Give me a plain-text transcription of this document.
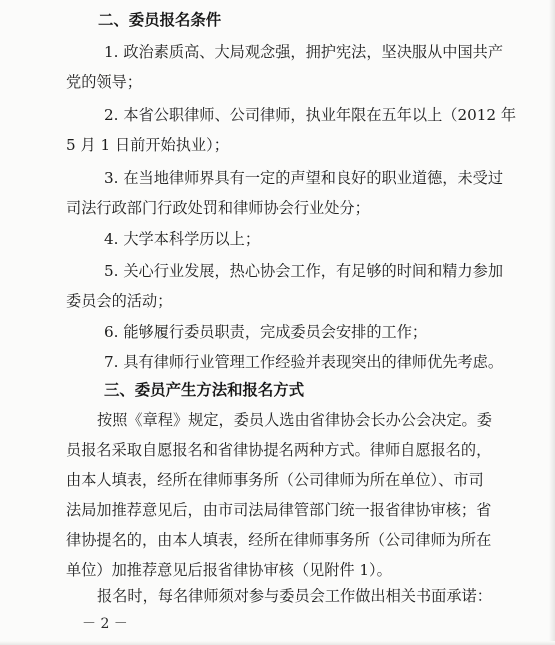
二、委员报名条件
1. 政治素质高、大局观念强，拥护宪法，坚决服从中国共产
党的领导；
2. 本省公职律师、公司律师，执业年限在五年以上（2012 年
5 月 1 日前开始执业）；
3. 在当地律师界具有一定的声望和良好的职业道德，未受过
司法行政部门行政处罚和律师协会行业处分；
4. 大学本科学历以上；
5. 关心行业发展，热心协会工作，有足够的时间和精力参加
委员会的活动；
6. 能够履行委员职责，完成委员会安排的工作；
7. 具有律师行业管理工作经验并表现突出的律师优先考虑。
三、委员产生方法和报名方式
按照《章程》规定，委员人选由省律协会长办公会决定。委
员报名采取自愿报名和省律协提名两种方式。律师自愿报名的，
由本人填表，经所在律师事务所（公司律师为所在单位）、市司
法局加推荐意见后，由市司法局律管部门统一报省律协审核；省
律协提名的，由本人填表，经所在律师事务所（公司律师为所在
单位）加推荐意见后报省律协审核（见附件 1）。
报名时，每名律师须对参与委员会工作做出相关书面承诺：
－ 2 －
